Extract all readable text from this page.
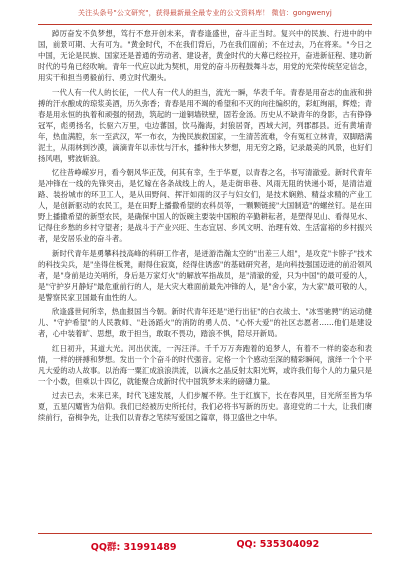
关注头条号"公文研究"，获得最新最全最专业的公文资料库！ 微信：gongwenyj

踔厉奋发不负梦想，笃行不怠开创未来，青春逢盛世，奋斗正当时。复兴中的民族、行进中的中国，前景可期、大有可为。"黄金时代，不在我们背后，乃在我们面前；不在过去，乃在将来。"今日之中国，无论是民族、国家还是普通的劳动者、建设者，黄金时代的大幕已经拉开，奋进新征程、建功新时代的号角已经吹响。青年一代应以此为契机，用党的奋斗历程鼓舞斗志，用党的光荣传统坚定信念，用实干和担当勇毅前行、勇立时代潮头。

一代人有一代人的长征，一代人有一代人的担当，流光一瞬，华表千年。青春是用奋志的血液和拼搏的汗水酿成的琼浆美酒，历久弥香；青春是用不竭的希望和不灭的向往编织的，彩虹绚丽，辉煌；青春是用永恒的执着和顽强的韧劲，筑起的一道铜墙铁壁，固若金汤。历史从不缺青年的身影，古有铮铮冠军，彪勇扬名，长驱六万里，屯边蕃国，饮马瀚海，封狼居胥，西域大河，列郡郡县。近有黄埔青年，热血满腔，东一至武汉，军一布衣，为挽民族救国家，一生清苦流难，令有冤杠立林青，双脚踏满泥土，从雨林到沙漠，滴滴青年以赤忱与汗水，播种伟大梦想，用无穷之路，记录最美的风景，也好们扬风唱，劈波斩浪。

忆往昔峥嵘岁月，看今朝风华正茂，何其有幸，生于华夏，以青春之名，书写清澈爱。新时代青年是冲锋在一线的先锋突击，是忆嫁在各条战线上的人，是走街串巷、风雨无阻的快递小哥，是清洁道路、装扮城市的环卫工人，是从田野间、挥汗如雨的汉子与妇女们，是技术娴熟、精益求精的产业工人，是创新驱动的农民工，是在田野上播撒希望的农科员等，一颗颗链接"大国制造"的螺丝钉。是在田野上播撒希望的新型农民，是确保中国人的饭碗主要装中国粮的辛勤耕耘者，是塑得见山、看得见水、记得住乡愁的乡村守望者；是战斗于产业兴旺、生态宜居、乡风文明、治理有效、生活富裕的乡村振兴者，是安居乐业的奋斗者。

新时代青年是勇攀科技高峰的科研工作者，是迸游浩瀚太空的"出差三人组"，是攻克"卡脖子"技术的科技尖兵，是"坐得住板凳，耐得住寂寞，经得住诱惑"的基础研究者，是向科技强国迈进的前沿领风者，是"身前是边关哨所，身后是万家灯火"的解放军指战员，是"清澈的爱，只为中国"的最可爱的人，是"守护岁月静好"最危重前行的人，是大灾大难面前最先冲锋的人，是"舍小家，为大家"最可敬的人，是警察民家卫国最有血性的人。

欣逢盛世何所幸，热血报国当今朝。新时代青年还是"逆行出征"的白衣战士、"冰雪驰骋"的运动健儿、"守护希望"的人民教师、"赴汤蹈火"的消防的勇人员、"心怀大爱"的社区志愿者……他们是建设者，心中装着旷、思想，敢于担当，敢取不畏功，踏浪不惧，陪尽开新局。

红日初升，其道大光。河出伏流，一泻汪洋。千千万万奔跑着的追梦人，有着不一样的姿态和表情，一样的拼搏和梦想。发出一个个奋斗的时代强音。定格一个个感动至深的精彩瞬间，演绎一个个平凡大爱的动人故事。以治海一粟汇成浪浪洪流，以滴水之晶反射太阳光辉，或许我们每个人的力量只是一个小数，但乘以十四亿，就能聚合成新时代中国筑梦未来的磅礴力量。

过去已去，未来已来，时代飞速发展，人们步履不停。生于红旗下，长在春风里，目光所至皆为华夏，五星闪耀皆为信仰。我们已经被历史所托付，我们必将书写新的历史。喜迎党的二十大，让我们赓续前行，奋楫争先，让我们以青春之笔续写爱国之篇章，得卫盛世之中华。

QQ群: 31991489	QQ: 535304092
